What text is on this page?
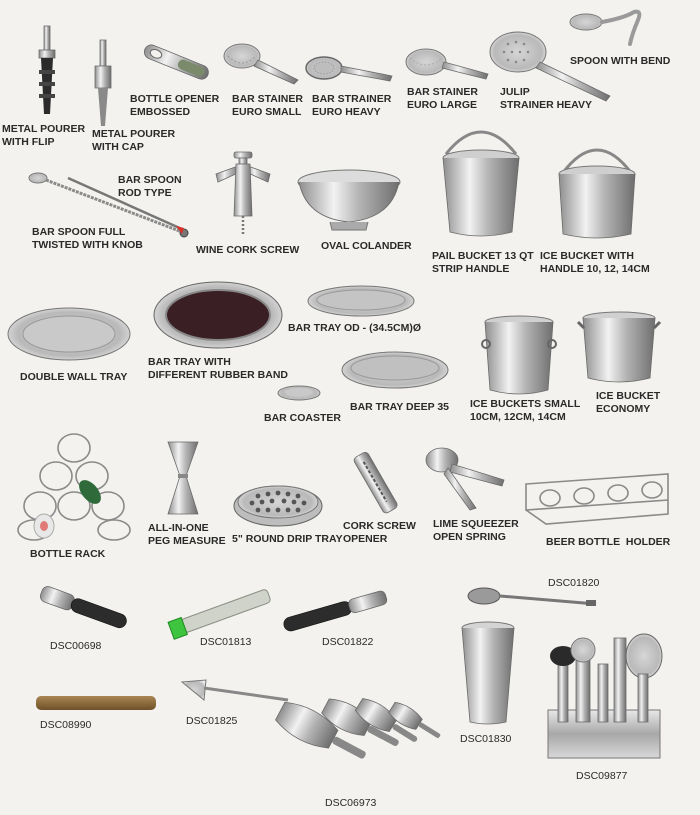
METAL POURER
WITH FLIP
METAL POURER
WITH CAP
BOTTLE OPENER
EMBOSSED
BAR STAINER
EURO SMALL
BAR STRAINER
EURO HEAVY
BAR STAINER
EURO LARGE
JULIP
STRAINER HEAVY
SPOON WITH BEND
BAR SPOON FULL
TWISTED WITH KNOB
BAR SPOON
ROD TYPE
WINE CORK SCREW OVAL COLANDER
PAIL BUCKET 13 QT
STRIP HANDLE
ICE BUCKET WITH
HANDLE 10, 12, 14CM
DOUBLE WALL TRAY
BAR TRAY WITH
DIFFERENT RUBBER BAND
BAR TRAY OD - (34.5CM)Ø
BAR TRAY DEEP 35
BAR COASTER
ICE BUCKETS SMALL
10CM, 12CM, 14CM
ICE BUCKET
ECONOMY
BOTTLE RACK
ALL-IN-ONE
PEG MEASURE 5" ROUND DRIP TRAY
CORK SCREW
OPENER
LIME SQUEEZER
OPEN SPRING	BEER BOTTLE  HOLDER
DSC00698	DSC01813	DSC01822
DSC01820
DSC08990	DSC01825
DSC06973
DSC01830
DSC09877
